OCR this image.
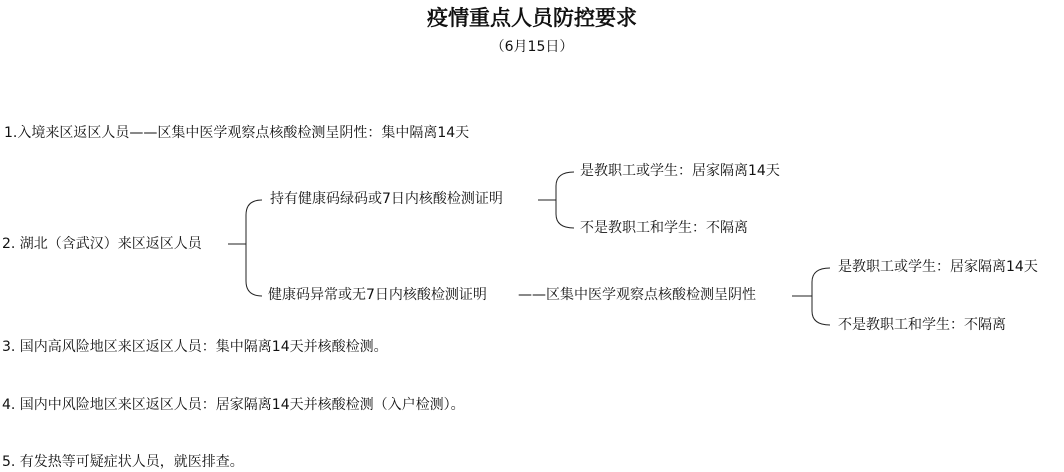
疫情重点人员防控要求
（6月15日）
1.入境来区返区人员——区集中医学观察点核酸检测呈阴性：集中隔离14天
2. 湖北（含武汉）来区返区人员
持有健康码绿码或7日内核酸检测证明
是教职工或学生：居家隔离14天
不是教职工和学生：不隔离
健康码异常或无7日内核酸检测证明 ——区集中医学观察点核酸检测呈阴性
是教职工或学生：居家隔离14天
不是教职工和学生：不隔离
3. 国内高风险地区来区返区人员：集中隔离14天并核酸检测。
4. 国内中风险地区来区返区人员：居家隔离14天并核酸检测（入户检测）。
5. 有发热等可疑症状人员，就医排查。
